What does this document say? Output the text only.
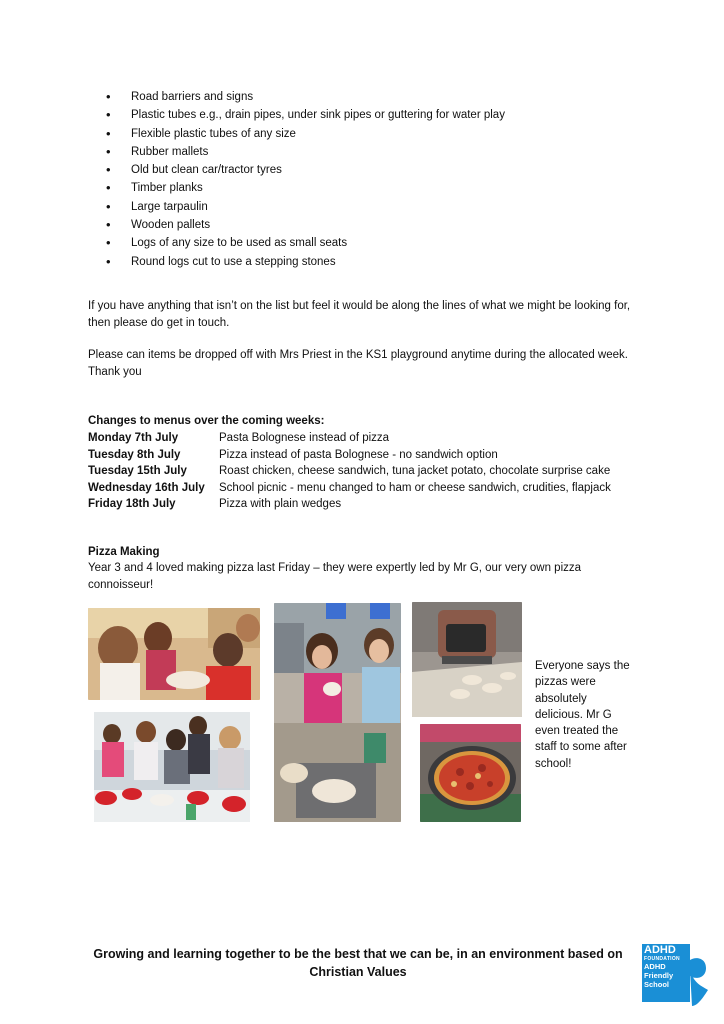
• Road barriers and signs
• Plastic tubes e.g., drain pipes, under sink pipes or guttering for water play
• Flexible plastic tubes of any size
• Rubber mallets
• Old but clean car/tractor tyres
• Timber planks
• Large tarpaulin
• Wooden pallets
• Logs of any size to be used as small seats
• Round logs cut to use a stepping stones

If you have anything that isn’t on the list but feel it would be along the lines of what we might be looking for, then please do get in touch.

Please can items be dropped off with Mrs Priest in the KS1 playground anytime during the allocated week. Thank you

Changes to menus over the coming weeks:
Monday 7th July	Pasta Bolognese instead of pizza
Tuesday 8th July	Pizza instead of pasta Bolognese - no sandwich option
Tuesday 15th July	Roast chicken, cheese sandwich, tuna jacket potato, chocolate surprise cake
Wednesday 16th July	School picnic - menu changed to ham or cheese sandwich, crudities, flapjack
Friday 18th July	Pizza with plain wedges
Pizza Making

Year 3 and 4 loved making pizza last Friday – they were expertly led by Mr G, our very own pizza connoisseur!

Everyone says the pizzas were absolutely delicious. Mr G even treated the staff to some after school!
Growing and learning together to be the best that we can be, in an environment based on Christian Values
ADHD
FOUNDATION
ADHD
Friendly
School
